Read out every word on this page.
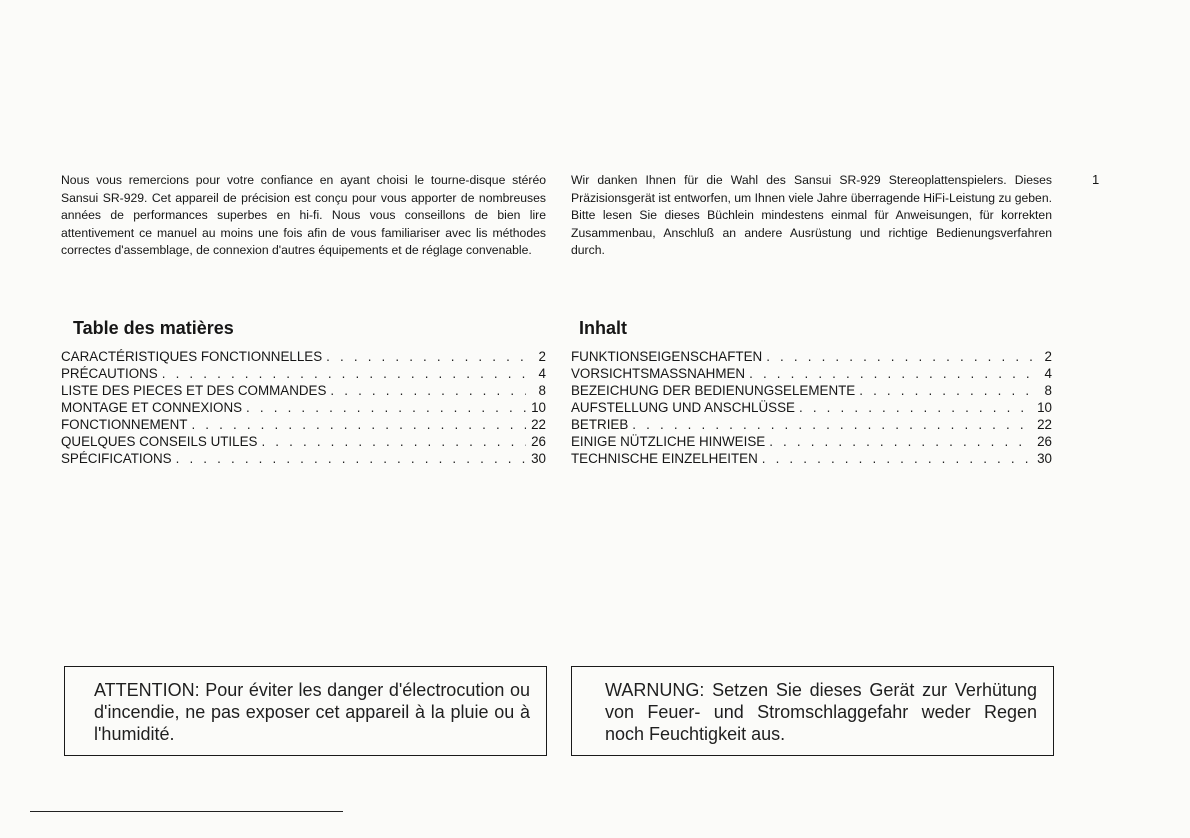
Nous vous remercions pour votre confiance en ayant choisi le tourne-disque stéréo Sansui SR-929. Cet appareil de précision est conçu pour vous apporter de nombreuses années de performances superbes en hi-fi. Nous vous conseillons de bien lire attentivement ce manuel au moins une fois afin de vous familiariser avec lis méthodes correctes d'assemblage, de connexion d'autres équipements et de réglage convenable.

Wir danken Ihnen für die Wahl des Sansui SR-929 Stereoplattenspielers. Dieses Präzisionsgerät ist entworfen, um Ihnen viele Jahre überragende HiFi-Leistung zu geben. Bitte lesen Sie dieses Büchlein mindestens einmal für Anweisungen, für korrekten Zusammenbau, Anschluß an andere Ausrüstung und richtige Bedienungsverfahren durch.

1
Table des matières	Inhalt
CARACTÉRISTIQUES FONCTIONNELLES . . .	2
PRÉCAUTIONS . . .	4
LISTE DES PIECES ET DES COMMANDES . . .	8
MONTAGE ET CONNEXIONS . . .	10
FONCTIONNEMENT . . .	22
QUELQUES CONSEILS UTILES . . .	26
SPÉCIFICATIONS . . .	30
FUNKTIONSEIGENSCHAFTEN . . .	2
VORSICHTSMASSNAHMEN . . .	4
BEZEICHUNG DER BEDIENUNGSELEMENTE . . .	8
AUFSTELLUNG UND ANSCHLÜSSE . . .	10
BETRIEB . . .	22
EINIGE NÜTZLICHE HINWEISE . . .	26
TECHNISCHE EINZELHEITEN . . .	30

ATTENTION: Pour éviter les danger d'électrocution ou d'incendie, ne pas exposer cet appareil à la pluie ou à l'humidité.

WARNUNG: Setzen Sie dieses Gerät zur Verhütung von Feuer- und Stromschlaggefahr weder Regen noch Feuchtigkeit aus.
